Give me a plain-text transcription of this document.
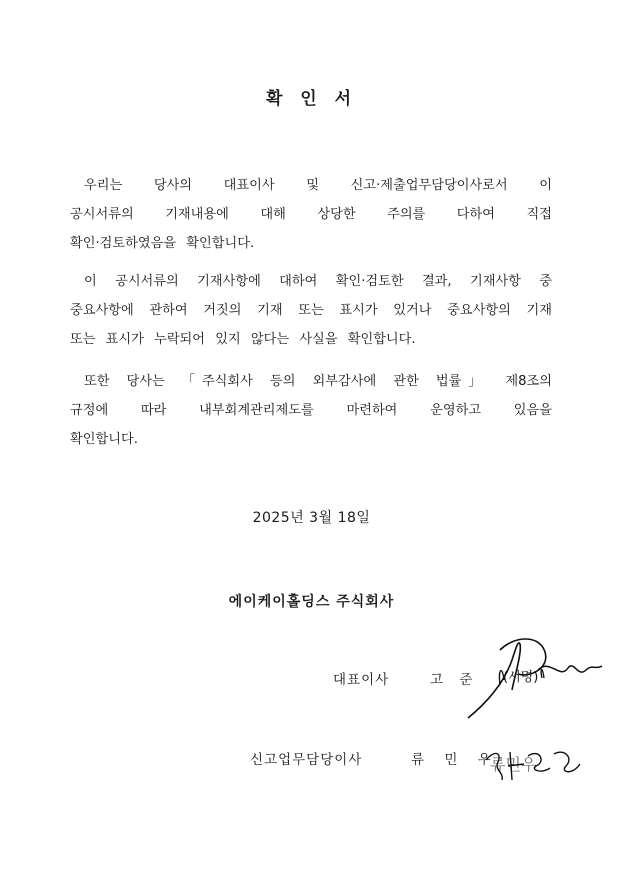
확 인 서
우리는 당사의 대표이사 및 신고·제출업무담당이사로서 이
공시서류의 기재내용에 대해 상당한 주의를 다하여 직접
확인·검토하였음을 확인합니다.
이 공시서류의 기재사항에 대하여 확인·검토한 결과, 기재사항 중
중요사항에 관하여 거짓의 기재 또는 표시가 있거나 중요사항의 기재
또는 표시가 누락되어 있지 않다는 사실을 확인합니다.
또한 당사는 「주식회사 등의 외부감사에 관한 법률」 제8조의
규정에 따라 내부회계관리제도를 마련하여 운영하고 있음을
확인합니다.
2025년 3월 18일
에이케이홀딩스 주식회사
대표이사	고 준 (서명)
신고업무담당이사	류 민 우
류민우
